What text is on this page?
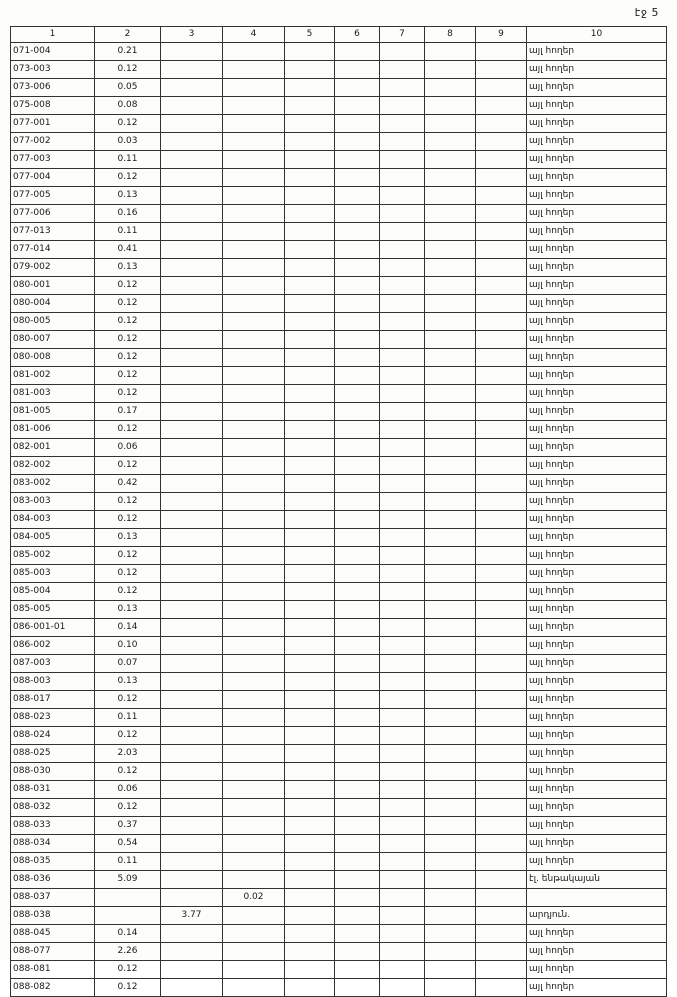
էջ 5
1	2	3	4	5	6	7	8	9	10
071-004	0.21								այլ հողեր
073-003	0.12								այլ հողեր
073-006	0.05								այլ հողեր
075-008	0.08								այլ հողեր
077-001	0.12								այլ հողեր
077-002	0.03								այլ հողեր
077-003	0.11								այլ հողեր
077-004	0.12								այլ հողեր
077-005	0.13								այլ հողեր
077-006	0.16								այլ հողեր
077-013	0.11								այլ հողեր
077-014	0.41								այլ հողեր
079-002	0.13								այլ հողեր
080-001	0.12								այլ հողեր
080-004	0.12								այլ հողեր
080-005	0.12								այլ հողեր
080-007	0.12								այլ հողեր
080-008	0.12								այլ հողեր
081-002	0.12								այլ հողեր
081-003	0.12								այլ հողեր
081-005	0.17								այլ հողեր
081-006	0.12								այլ հողեր
082-001	0.06								այլ հողեր
082-002	0.12								այլ հողեր
083-002	0.42								այլ հողեր
083-003	0.12								այլ հողեր
084-003	0.12								այլ հողեր
084-005	0.13								այլ հողեր
085-002	0.12								այլ հողեր
085-003	0.12								այլ հողեր
085-004	0.12								այլ հողեր
085-005	0.13								այլ հողեր
086-001-01	0.14								այլ հողեր
086-002	0.10								այլ հողեր
087-003	0.07								այլ հողեր
088-003	0.13								այլ հողեր
088-017	0.12								այլ հողեր
088-023	0.11								այլ հողեր
088-024	0.12								այլ հողեր
088-025	2.03								այլ հողեր
088-030	0.12								այլ հողեր
088-031	0.06								այլ հողեր
088-032	0.12								այլ հողեր
088-033	0.37								այլ հողեր
088-034	0.54								այլ հողեր
088-035	0.11								այլ հողեր
088-036	5.09								էլ. ենթակայան
088-037			0.02						
088-038		3.77							արդյուն.
088-045	0.14								այլ հողեր
088-077	2.26								այլ հողեր
088-081	0.12								այլ հողեր
088-082	0.12								այլ հողեր
